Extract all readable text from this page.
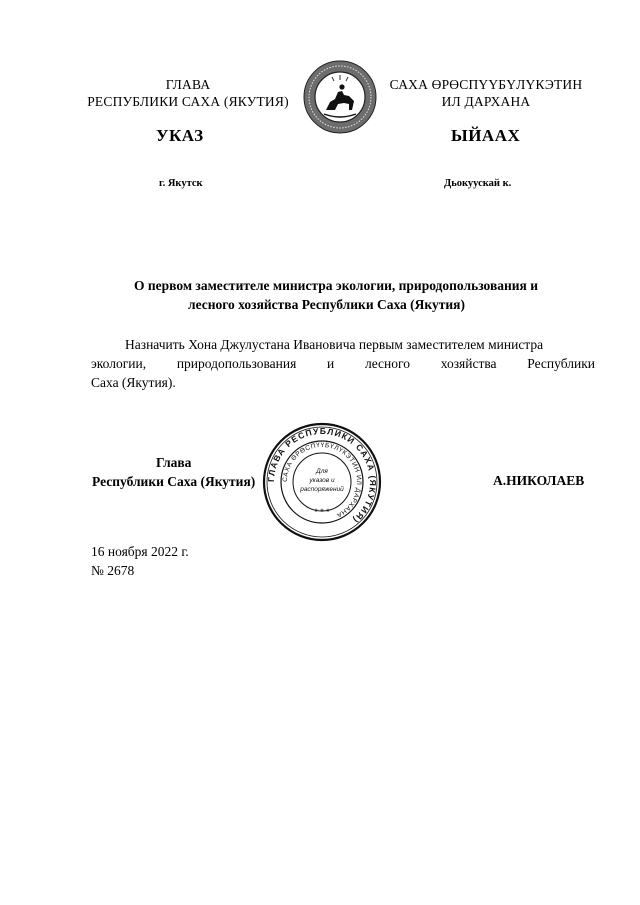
ГЛАВА
РЕСПУБЛИКИ САХА (ЯКУТИЯ)
САХА ӨРӨСПҮҮБҮЛҮКЭТИН
ИЛ ДАРХАНА
УКАЗ	ЫЙААХ
г. Якутск	Дьокуускай к.
О первом заместителе министра экологии, природопользования и
лесного хозяйства Республики Саха (Якутия)
Назначить Хона Джулустана Ивановича первым заместителем министра
экологии, природопользования и лесного хозяйства Республики
Саха (Якутия).
Глава
Республики Саха (Якутия)	ГЛАВА РЕСПУБЛИКИ САХА (ЯКУТИЯ)
САХА ӨРӨСПҮҮБҮЛҮКЭТИН ИЛ ДАРХАНА
Для
указов и
распоряжений
* * *
А.НИКОЛАЕВ
16 ноября 2022 г.
№ 2678
